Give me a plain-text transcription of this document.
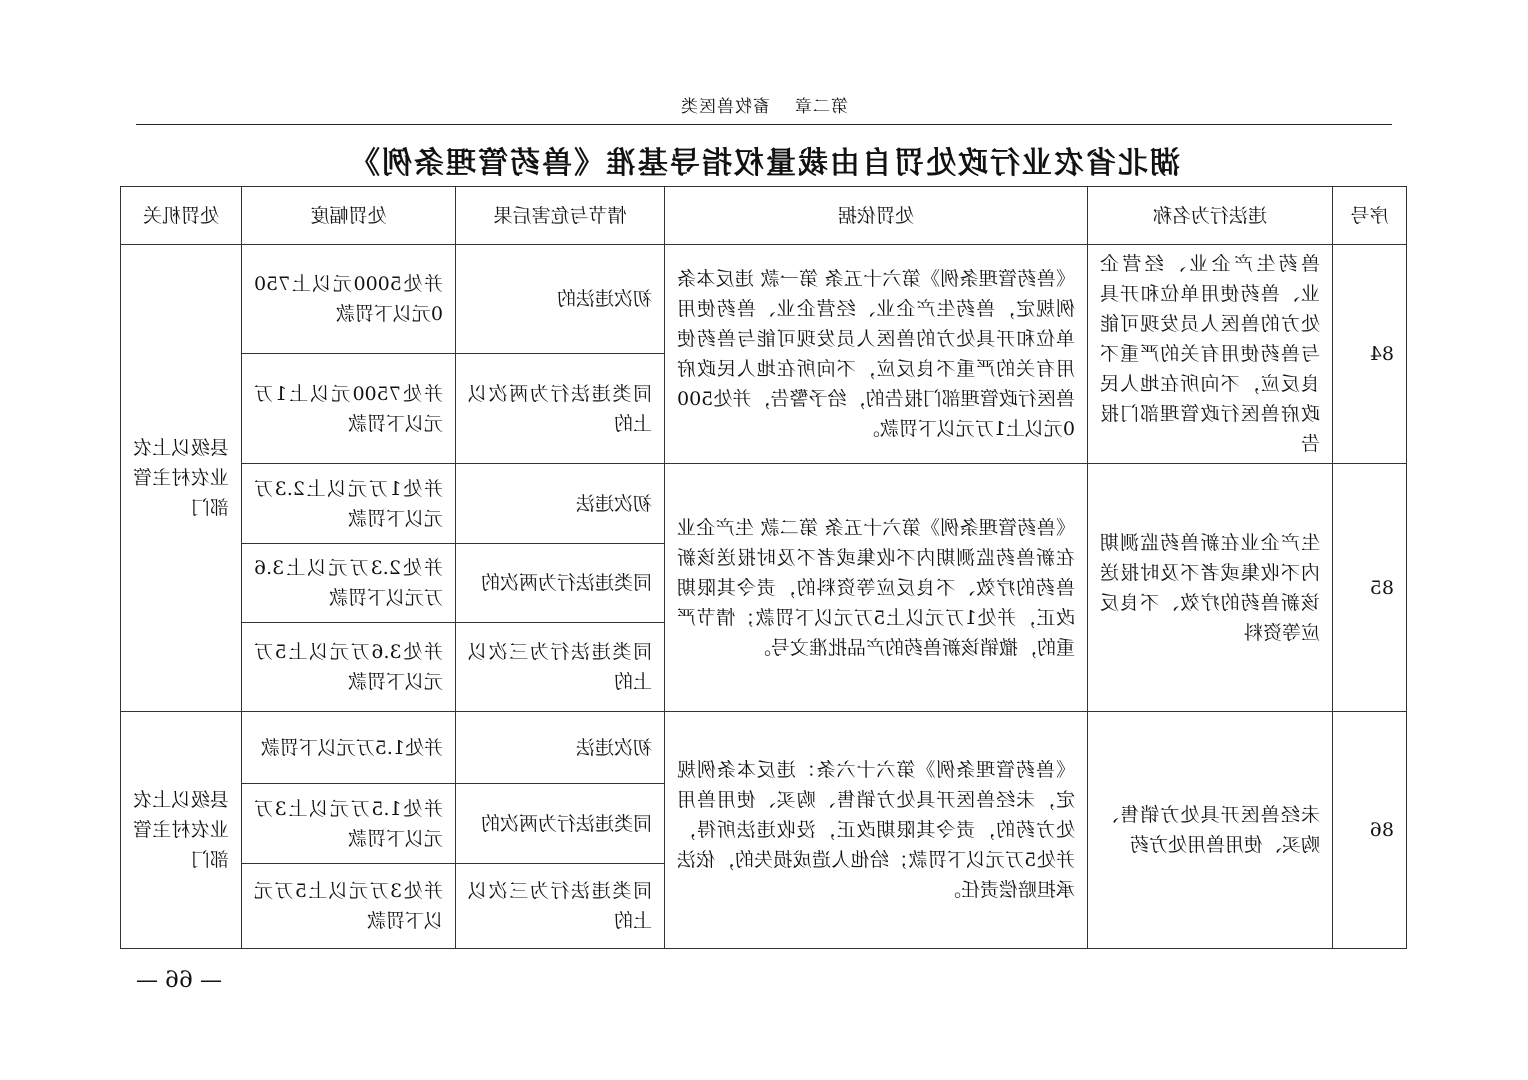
第二章畜牧兽医类
湖北省农业行政处罚自由裁量权指导基准《兽药管理条例》
序号	违法行为名称	处罚依据	情节与危害后果	处罚幅度	处罚机关
84	兽药生产企业、经营企业、兽药使用单位和开具处方的兽医人员发现可能与兽药使用有关的严重不良反应，不向所在地人民政府兽医行政管理部门报告	《兽药管理条例》第六十五条 第一款 违反本条例规定，兽药生产企业、经营企业、兽药使用单位和开具处方的兽医人员发现可能与兽药使用有关的严重不良反应，不向所在地人民政府兽医行政管理部门报告的，给予警告，并处5000元以上1万元以下罚款。	初次违法的	并处5000元以上7500元以下罚款	县级以上农业农村主管部门
			同类违法行为两次以上的	并处7500元以上1万元以下罚款	
85	生产企业在新兽药监测期内不收集或者不及时报送该新兽药的疗效、不良反应等资料	《兽药管理条例》第六十五条 第二款 生产企业在新兽药监测期内不收集或者不及时报送该新兽药的疗效、不良反应等资料的，责令其限期改正，并处1万元以上5万元以下罚款；情节严重的，撤销该新兽药的产品批准文号。	初次违法	并处1万元以上2.3万元以下罚款	
			同类违法行为两次的	并处2.3万元以上3.6万元以下罚款	
			同类违法行为三次以上的	并处3.6万元以上5万元以下罚款	
86	未经兽医开具处方销售、购买、使用兽用处方药	《兽药管理条例》第六十六条：违反本条例规定，未经兽医开具处方销售、购买、使用兽用处方药的，责令其限期改正，没收违法所得，并处5万元以下罚款；给他人造成损失的，依法承担赔偿责任。	初次违法	并处1.5万元以下罚款	县级以上农业农村主管部门
			同类违法行为两次的	并处1.5万元以上3万元以下罚款	
			同类违法行为三次以上的	并处3万元以上5万元以下罚款	
— 66 —
